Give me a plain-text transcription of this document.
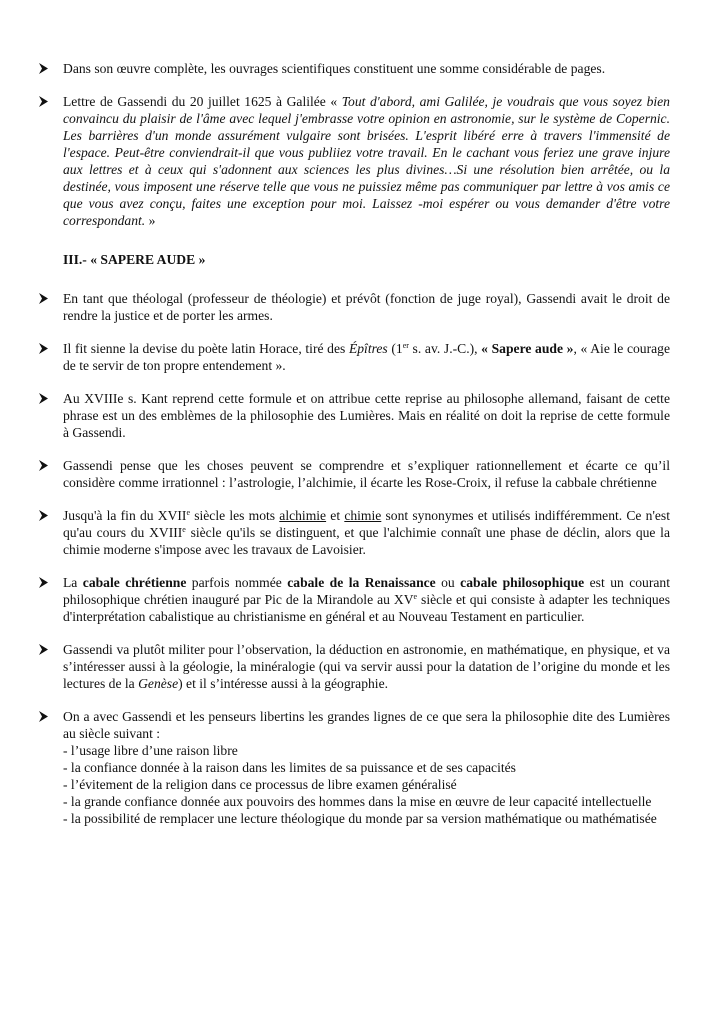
Dans son œuvre complète, les ouvrages scientifiques constituent une somme considérable de pages.
Lettre de Gassendi du 20 juillet 1625 à Galilée « Tout d'abord, ami Galilée, je voudrais que vous soyez bien convaincu du plaisir de l'âme avec lequel j'embrasse votre opinion en astronomie, sur le système de Copernic. Les barrières d'un monde assurément vulgaire sont brisées. L'esprit libéré erre à travers l'immensité de l'espace. Peut-être conviendrait-il que vous publiiez votre travail. En le cachant vous feriez une grave injure aux lettres et à ceux qui s'adonnent aux sciences les plus divines…Si une résolution bien arrêtée, ou la destinée, vous imposent une réserve telle que vous ne puissiez même pas communiquer par lettre à vos amis ce que vous avez conçu, faites une exception pour moi. Laissez -moi espérer ou vous demander d'être votre correspondant. »
III.- « SAPERE AUDE »
En tant que théologal (professeur de théologie) et prévôt (fonction de juge royal), Gassendi avait le droit de rendre la justice et de porter les armes.
Il fit sienne la devise du poète latin Horace, tiré des Épîtres (1er s. av. J.-C.), « Sapere aude », « Aie le courage de te servir de ton propre entendement ».
Au XVIIIe s. Kant reprend cette formule et on attribue cette reprise au philosophe allemand, faisant de cette phrase est un des emblèmes de la philosophie des Lumières. Mais en réalité on doit la reprise de cette formule à Gassendi.
Gassendi pense que les choses peuvent se comprendre et s’expliquer rationnellement et écarte ce qu’il considère comme irrationnel : l’astrologie, l’alchimie, il écarte les Rose-Croix, il refuse la cabbale chrétienne
Jusqu'à la fin du XVIIe siècle les mots alchimie et chimie sont synonymes et utilisés indifféremment. Ce n'est qu'au cours du XVIIIe siècle qu'ils se distinguent, et que l'alchimie connaît une phase de déclin, alors que la chimie moderne s'impose avec les travaux de Lavoisier.
La cabale chrétienne parfois nommée cabale de la Renaissance ou cabale philosophique est un courant philosophique chrétien inauguré par Pic de la Mirandole au XVe siècle et qui consiste à adapter les techniques d'interprétation cabalistique au christianisme en général et au Nouveau Testament en particulier.
Gassendi va plutôt militer pour l’observation, la déduction en astronomie, en mathématique, en physique, et va s’intéresser aussi à la géologie, la minéralogie (qui va servir aussi pour la datation de l’origine du monde et les lectures de la Genèse) et il s’intéresse aussi à la géographie.
On a avec Gassendi et les penseurs libertins les grandes lignes de ce que sera la philosophie dite des Lumières au siècle suivant :
- l’usage libre d’une raison libre
- la confiance donnée à la raison dans les limites de sa puissance et de ses capacités
- l’évitement de la religion dans ce processus de libre examen généralisé
- la grande confiance donnée aux pouvoirs des hommes dans la mise en œuvre de leur capacité intellectuelle
- la possibilité de remplacer une lecture théologique du monde par sa version mathématique ou mathématisée
